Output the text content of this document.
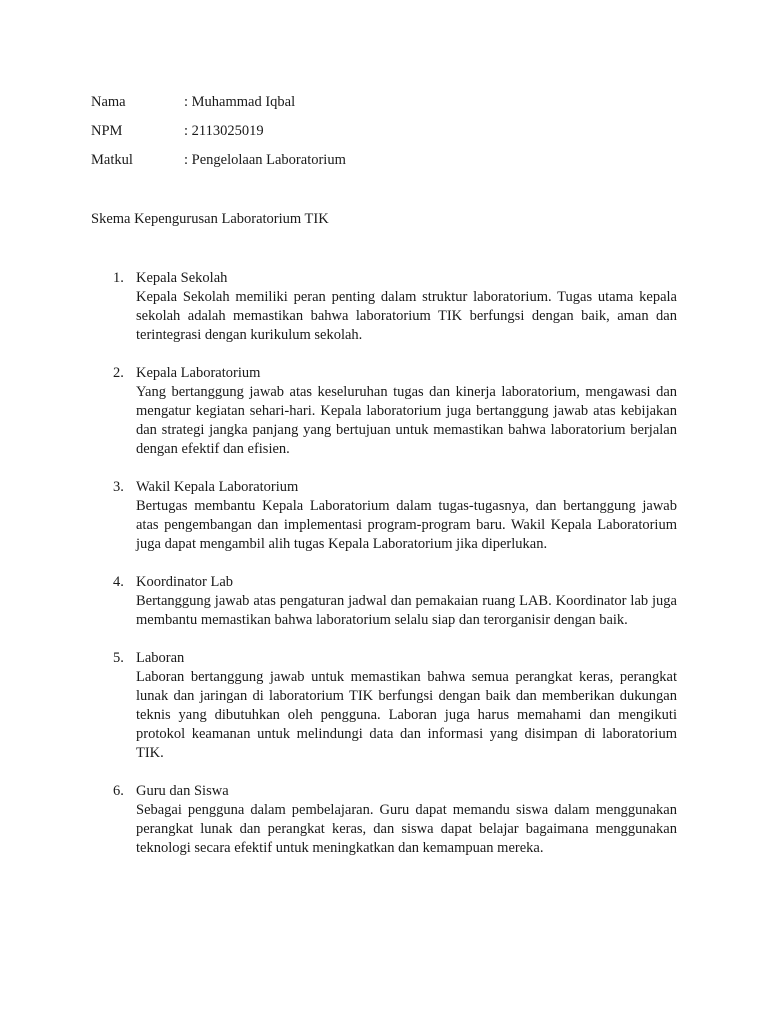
Nama	: Muhammad Iqbal
NPM	: 2113025019
Matkul	: Pengelolaan Laboratorium
Skema Kepengurusan Laboratorium TIK
1. Kepala Sekolah
Kepala Sekolah memiliki peran penting dalam struktur laboratorium. Tugas utama kepala sekolah adalah memastikan bahwa laboratorium TIK berfungsi dengan baik, aman dan terintegrasi dengan kurikulum sekolah.
2. Kepala Laboratorium
Yang bertanggung jawab atas keseluruhan tugas dan kinerja laboratorium, mengawasi dan mengatur kegiatan sehari-hari. Kepala laboratorium juga bertanggung jawab atas kebijakan dan strategi jangka panjang yang bertujuan untuk memastikan bahwa laboratorium berjalan dengan efektif dan efisien.
3. Wakil Kepala Laboratorium
Bertugas membantu Kepala Laboratorium dalam tugas-tugasnya, dan bertanggung jawab atas pengembangan dan implementasi program-program baru. Wakil Kepala Laboratorium juga dapat mengambil alih tugas Kepala Laboratorium jika diperlukan.
4. Koordinator Lab
Bertanggung jawab atas pengaturan jadwal dan pemakaian ruang LAB. Koordinator lab juga membantu memastikan bahwa laboratorium selalu siap dan terorganisir dengan baik.
5. Laboran
Laboran bertanggung jawab untuk memastikan bahwa semua perangkat keras, perangkat lunak dan jaringan di laboratorium TIK berfungsi dengan baik dan memberikan dukungan teknis yang dibutuhkan oleh pengguna. Laboran juga harus memahami dan mengikuti protokol keamanan untuk melindungi data dan informasi yang disimpan di laboratorium TIK.
6. Guru dan Siswa
Sebagai pengguna dalam pembelajaran. Guru dapat memandu siswa dalam menggunakan perangkat lunak dan perangkat keras, dan siswa dapat belajar bagaimana menggunakan teknologi secara efektif untuk meningkatkan dan kemampuan mereka.
